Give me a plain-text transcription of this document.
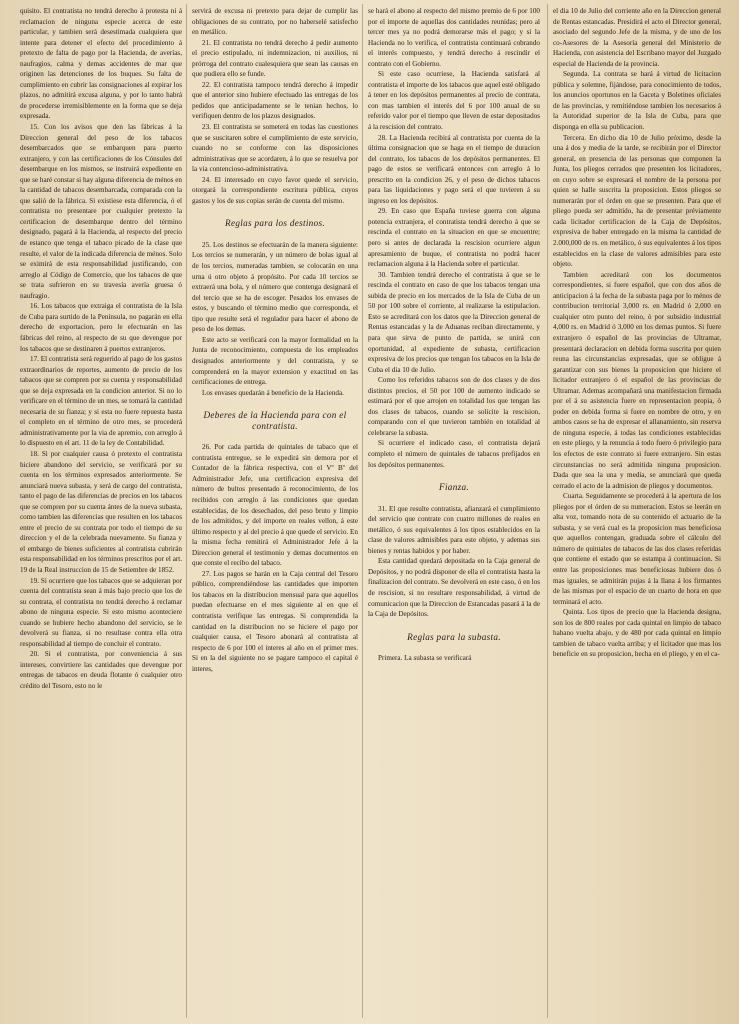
quisito. El contratista no tendrá derecho á protesta ni á reclamacion de ninguna especie acerca de este particular, y tambien será desestimada cualquiera que intente para detener el efecto del procedimiento á pretexto de falta de pago por la Hacienda, de averías, naufragios, calma y demas accidentes de mar que originen las detenciones de los buques. Su falta de cumplimiento en cubrir las consignaciones al expirar los plazos, no admitirá excusa alguna, y por lo tanto habrá de procederse irremisiblemente en la forma que se deja expresada.

15. Con los avisos que den las fábricas á la Direccion general del peso de los tabacos desembarcados que se embarquen para puerto extranjero, y con las certificaciones de los Cónsules del desembarque en los mismos, se instruirá expediente en que se haré constar si hay alguna diferencia de ménos en la cantidad de tabacos desembarcada, comparada con la que salió de la fábrica. Si existiese esta diferencia, ó el contratista no presentare por cualquier pretexto la certificacion de desembarque dentro del término designado, pagará á la Hacienda, al respecto del precio de estanco que tenga el tabaco picado de la clase que resulte, el valor de la indicada diferencia de ménos. Solo se eximirá de esta responsabilidad justificando, con arreglo al Código de Comercio, que los tabacos de que se trata sufrieron en su travesía avería gruesa ó naufragio.

16. Los tabacos que extraiga el contratista de la Isla de Cuba para surtido de la Península, no pagarán en ella derecho de exportacion, pero le efectuarán en las fábricas del reino, al respecto de su que devengue por los tabacos que se destinaren á puertos extranjeros.

17. El contratista será reguerido al pago de los gastos extraordinarios de reportes, aumento de precio de los tabacos que se compren por su cuenta y responsabilidad que se deja expresada en la condicion anterior. Si no lo verificare en el término de un mes, se tomará la cantidad necesaria de su fianza; y si esta no fuere repuesta hasta el completo en el término de otro mes, se procederá administrativamente por la via de apremio, con arreglo á lo dispuesto en el art. 11 de la ley de Contabilidad.

18. Si por cualquier causa ó pretexto el contratista hiciere abandono del servicio, se verificará por su cuenta en los términos expresados anteriormente. Se anunciará nueva subasta, y será de cargo del contratista, tanto el pago de las diferencias de precios en los tabacos que se compren por su cuenta ántes de la nueva subasta, como tambien las diferencias que resulten en los tabacos entre el precio de su contrata por todo el tiempo de su direccion y el de la celebrada nuevamente. Su fianza y el embargo de bienes suficientes al contratista cubrirán esta responsabilidad en los términos prescritos por el art. 19 de la Real instruccion de 15 de Setiembre de 1852.

19. Si ocurriere que los tabacos que se adquieran por cuenta del contratista sean á más bajo precio que los de su contrata, el contratista no tendrá derecho á reclamar abono de ninguna especie. Si esto mismo aconteciere cuando se hubiere hecho abandono del servicio, se le devolverá su fianza, si no resultase contra ella otra responsabilidad al tiempo de concluir el contrato.

20. Si el contratista, por conveniencia á sus intereses, convirtiere las cantidades que devengue por entregas de tabacos en deuda flotante ó cualquier otro crédito del Tesoro, esto no le

servirá de excusa ni pretexto para dejar de cumplir las obligaciones de su contrato, por no haberselé satisfecho en metálico.

21. El contratista no tendrá derecho á pedir aumento el precio estipulado, ni indemnizacion, ni auxilios, ni prórroga del contrato cualesquiera que sean las causas en que pudiera ello se funde.

22. El contratista tampoco tendrá derecho á impedir que el anterior sino hubiere efectuado las entregas de los pedidos que anticipadamente se le tenian hechos, lo verifiquen dentro de los plazos designados.

23. El contratista se someterá en todas las cuestiones que se suscitaren sobre el cumplimiento de este servicio, cuando no se conforme con las disposiciones administrativas que se acordaren, á lo que se resuelva por la via contencioso-administrativa.

24. El interesado en cuyo favor quede el servicio, otorgará la correspondiente escritura pública, cuyos gastos y los de sus copias serán de cuenta del mismo.

Reglas para los destinos.

25. Los destinos se efectuarán de la manera siguiente: Los tercios se numerarán, y un número de bolas igual al de los tercios, numeradas tambien, se colocarán en una urna ú otro objeto á propósito. Por cada 10 tercios se extraerá una bola, y el número que contenga designará el del tercio que se ha de escoger. Pesados los envases de estos, y buscando el término medio que corresponda, el tipo que resulte será el regulador para hacer el abono de peso de los demas.

Este acto se verificará con la mayor formalidad en la Junta de reconocimiento, compuesta de los empleados designados anteriormente y del contratista, y se comprenderá en la mayor extension y exactitud en las certificaciones de entrega.

Los envases quedarán á beneficio de la Hacienda.

Deberes de la Hacienda para con el contratista.

26. Por cada partida de quintales de tabaco que el contratista entregue, se le expedirá sin demora por el Contador de la fábrica respectiva, con el Vº Bº del Administrador Jefe, una certificacion expresiva del número de bultos presentado á reconocimiento, de los recibidos con arreglo á las condiciones que quedan establecidas, de los desechados, del peso bruto y limpio de los admitidos, y del importe en reales vellon, á este último respecto y al del precio á que quede el servicio. En la misma fecha remitirá el Administrador Jefe á la Direccion general el testimonio y demas documentos en que conste el recibo del tabaco.

27. Los pagos se harán en la Caja central del Tesoro público, comprendiéndose las cantidades que importen los tabacos en la distribucion mensual para que aquellos puedan efectuarse en el mes siguiente al en que el contratista verifique las entregas. Si comprendida la cantidad en la distribucion no se hiciere el pago por cualquier causa, el Tesoro abonará al contratista al respecto de 6 por 100 el interes al año en el primer mes. Si en la del siguiente no se pagare tampoco el capital é interes,

se hará el abono al respecto del mismo premio de 6 por 100 por el importe de aquellas dos cantidades reunidas; pero al tercer mes ya no podrá demorarse más el pago; y si la Hacienda no lo verifica, el contratista continuará cobrando el interés compuesto, y tendrá derecho á rescindir el contrato con el Gobierno.

Si este caso ocurriese, la Hacienda satisfará al contratista el importe de los tabacos que aquel esté obligado á tener en los depósitos permanentes al precio de contrata, con mas tambien el interés del 6 por 100 anual de su referido valor por el tiempo que lleven de estar depositados á la rescision del contrato.

28. La Hacienda recibirá al contratista por cuenta de la última consignacion que se haga en el tiempo de duracion del contrato, los tabacos de los depósitos permanentes. El pago de estos se verificará entonces con arreglo á lo prescrito en la condicion 26, y el peso de dichos tabacos para las liquidaciones y pago será el que tuvieren á su ingreso en los depósitos.

29. En caso que España tuviese guerra con alguna potencia extranjera, el contratista tendrá derecho á que se rescinda el contrato en la situacion en que se encuentre; pero si antes de declarada la rescision ocurriere algun apresamiento de buque, el contratista no podrá hacer reclamacion alguna á la Hacienda sobre el particular.

30. Tambien tendrá derecho el contratista á que se le rescinda el contrato en caso de que los tabacos tengan una subida de precio en los mercados de la Isla de Cuba de un 50 por 100 sobre el corriente, al realizarse la estipulacion. Esto se acreditará con los datos que la Direccion general de Rentas estancadas y la de Aduanas reciban directamente, y para que sirva de punto de partida, se unirá con oportunidad, al expediente de subasta, certificacion expresiva de los precios que tengan los tabacos en la Isla de Cuba el dia 10 de Julio.

Como los referidos tabacos son de dos clases y de dos distintos precios, el 50 por 100 de aumento indicado se estimará por el que arrojen en totalidad los que tengan las dos clases de tabacos, cuando se solicite la rescision, comparando con el que tuvieron también en totalidad al celebrarse la subasta.

Si ocurriere el indicado caso, el contratista dejará completo el número de quintales de tabacos prefijados en los depósitos permanentes.

Fianza.

31. El que resulte contratista, afianzará el cumplimiento del servicio que contrate con cuatro millones de reales en metálico, ó sus equivalentes á los tipos establecidos en la clase de valores admisibles para este objeto, y ademas sus bienes y rentas habidos y por haber.

Esta cantidad quedará depositada en la Caja general de Depósitos, y no podrá disponer de ella el contratista hasta la finalizacion del contrato. Se devolverá en este caso, ó en los de rescision, si no resultare responsabilidad, á virtud de comunicacion que la Direccion de Estancadas pasará á la de la Caja de Depósitos.

Reglas para la subasta.

Primera. La subasta se verificará

el dia 10 de Julio del corriente año en la Direccion general de Rentas estancadas. Presidirá el acto el Director general, asociado del segundo Jefe de la misma, y de uno de los co-Asesores de la Asesoría general del Ministerio de Hacienda, con asistencia del Escribano mayor del Juzgado especial de Hacienda de la provincia.

Segunda. La contrata se hará á virtud de licitacion pública y solemne, fijándose, para conocimiento de todos, los anuncios oportunos en la Gaceta y Boletines oficiales de las provincias, y remitiéndose tambien los necesarios á la Autoridad superior de la Isla de Cuba, para que disponga en ella su publicacion.

Tercera. En dicho dia 10 de Julio próximo, desde la una á dos y media de la tarde, se recibirán por el Director general, en presencia de las personas que componen la Junta, los pliegos cerrados que presenten los licitadores, en cuyo sobre se expresará el nombre de la persona por quien se halle suscrita la proposicion. Estos pliegos se numerarán por el órden en que se presenten. Para que el pliego pueda ser admitido, ha de presentar préviamente cada licitador certificacion de la Caja de Depósitos, expresiva de haber entregado en la misma la cantidad de 2.000,000 de rs. en metálico, ó sus equivalentes á los tipos establecidos en la clase de valores admisibles para este objeto.

Tambien acreditará con los documentos correspondientes, si fuere español, que con dos años de anticipacion á la fecha de la subasta paga por lo ménos de contribucion territorial 3,000 rs. en Madrid ó 2,000 en cualquier otro punto del reino, ó por subsidio industrial 4,000 rs. en Madrid ó 3,000 en los demas puntos. Si fuere extranjero ó español de las provincias de Ultramar, presentará declaracion en debida forma suscrita por quien reuna las circunstancias expresadas, que se obligue á garantizar con sus bienes la proposicion que hiciere el licitador extranjero ó el español de las provincias de Ultramar. Ademas acompañará una manifestacion firmada por el á su asistencia fuere en representacion propia, ó poder en debida forma si fuere en nombre de otro, y en ambos casos se ha de expresar el allanamiento, sin reserva de ninguna especie, á todas las condiciones establecidas en este pliego, y la renuncia á todo fuero ó privilegio para los efectos de este contrato si fuere extranjero. Sin estas circunstancias no será admitida ninguna proposicion. Dada que sea la una y media, se anunciará que queda cerrado el acto de la admision de pliegos y documentos.

Cuarta. Seguidamente se procederá á la apertura de los pliegos por el órden de su numeracion. Estos se leerán en alta voz, tomando nota de su contenido el actuario de la subasta, y se verá cual es la proposicion mas beneficiosa que aquellos contengan, graduada sobre el cálculo del número de quintales de tabacos de las dos clases referidas que contiene el estado que se estampa á continuacion. Si entre las proposiciones mas beneficiosas hubiere dos ó mas iguales, se admitirán pujas á la llana á los firmantes de las mismas por el espacio de un cuarto de hora en que terminará el acto.

Quinta. Los tipos de precio que la Hacienda designa, son los de 800 reales por cada quintal en limpio de tabaco habano vuelta abajo, y de 480 por cada quintal en limpio tambien de tabaco vuelta arriba; y el licitador que mas los beneficie en su proposicion, hecha en el pliego, y en el ca-
